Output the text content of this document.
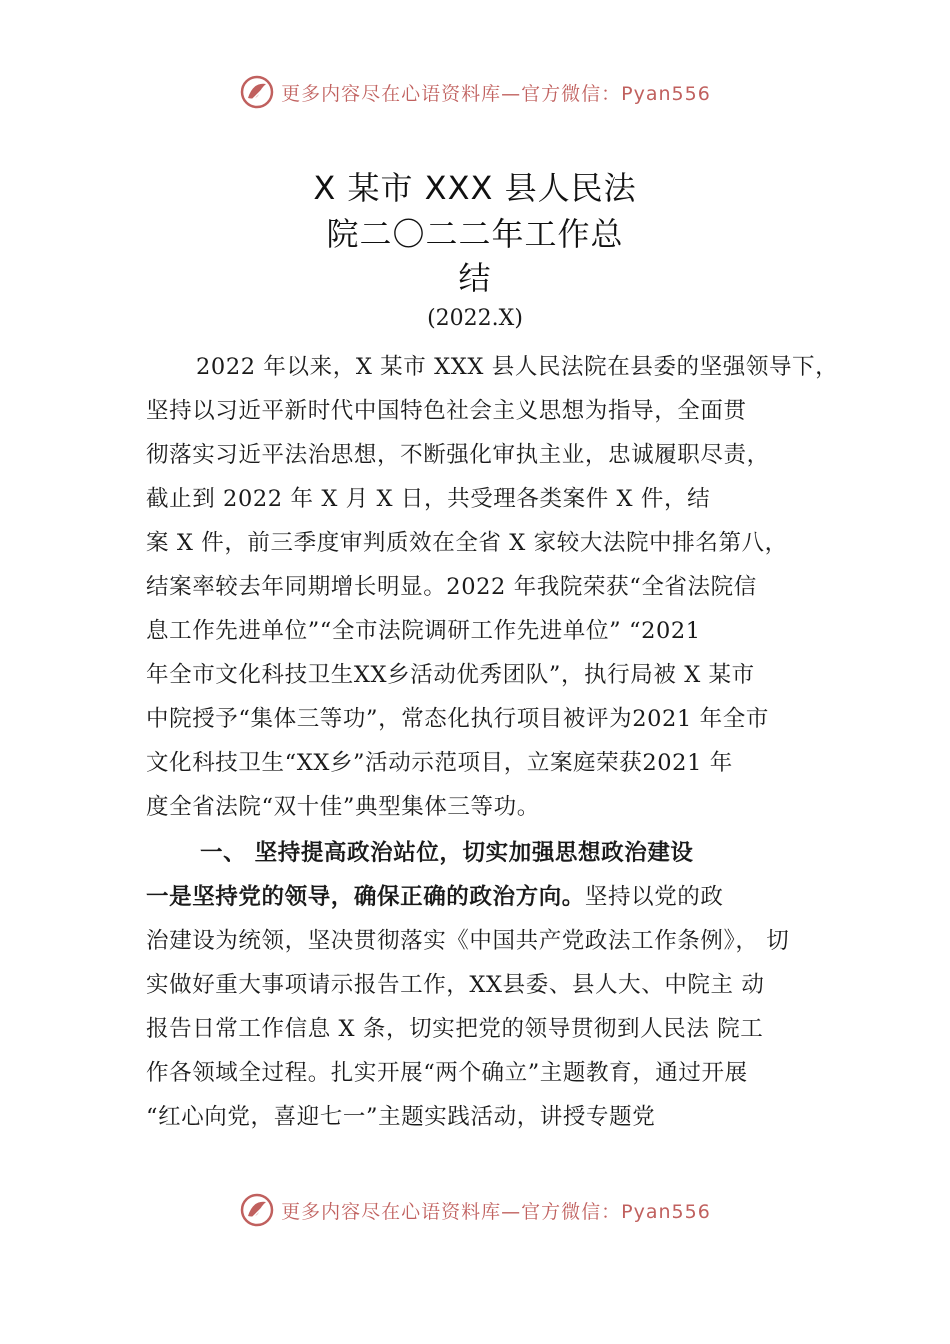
更多内容尽在心语资料库—官方微信：Pyan556
X 某市 XXX 县人民法
院二〇二二年工作总
结
(2022.X)
2022 年以来，X 某市 XXX 县人民法院在县委的坚强领导下，
坚持以习近平新时代中国特色社会主义思想为指导，全面贯
彻落实习近平法治思想，不断强化审执主业，忠诚履职尽责，
截止到 2022 年 X 月 X 日，共受理各类案件 X 件，结
案 X 件，前三季度审判质效在全省 X 家较大法院中排名第八，
结案率较去年同期增长明显。2022 年我院荣获“全省法院信
息工作先进单位”“全市法院调研工作先进单位” “2021
年全市文化科技卫生XX乡活动优秀团队”，执行局被 X 某市
中院授予“集体三等功”，常态化执行项目被评为2021 年全市
文化科技卫生“XX乡”活动示范项目，立案庭荣获2021 年
度全省法院“双十佳”典型集体三等功。
一、 坚持提高政治站位，切实加强思想政治建设
一是坚持党的领导，确保正确的政治方向。坚持以党的政
治建设为统领，坚决贯彻落实《中国共产党政法工作条例》， 切
实做好重大事项请示报告工作，XX县委、县人大、中院主 动
报告日常工作信息 X 条，切实把党的领导贯彻到人民法 院工
作各领域全过程。扎实开展“两个确立”主题教育，通过开展
“红心向党，喜迎七一”主题实践活动，讲授专题党
更多内容尽在心语资料库—官方微信：Pyan556
